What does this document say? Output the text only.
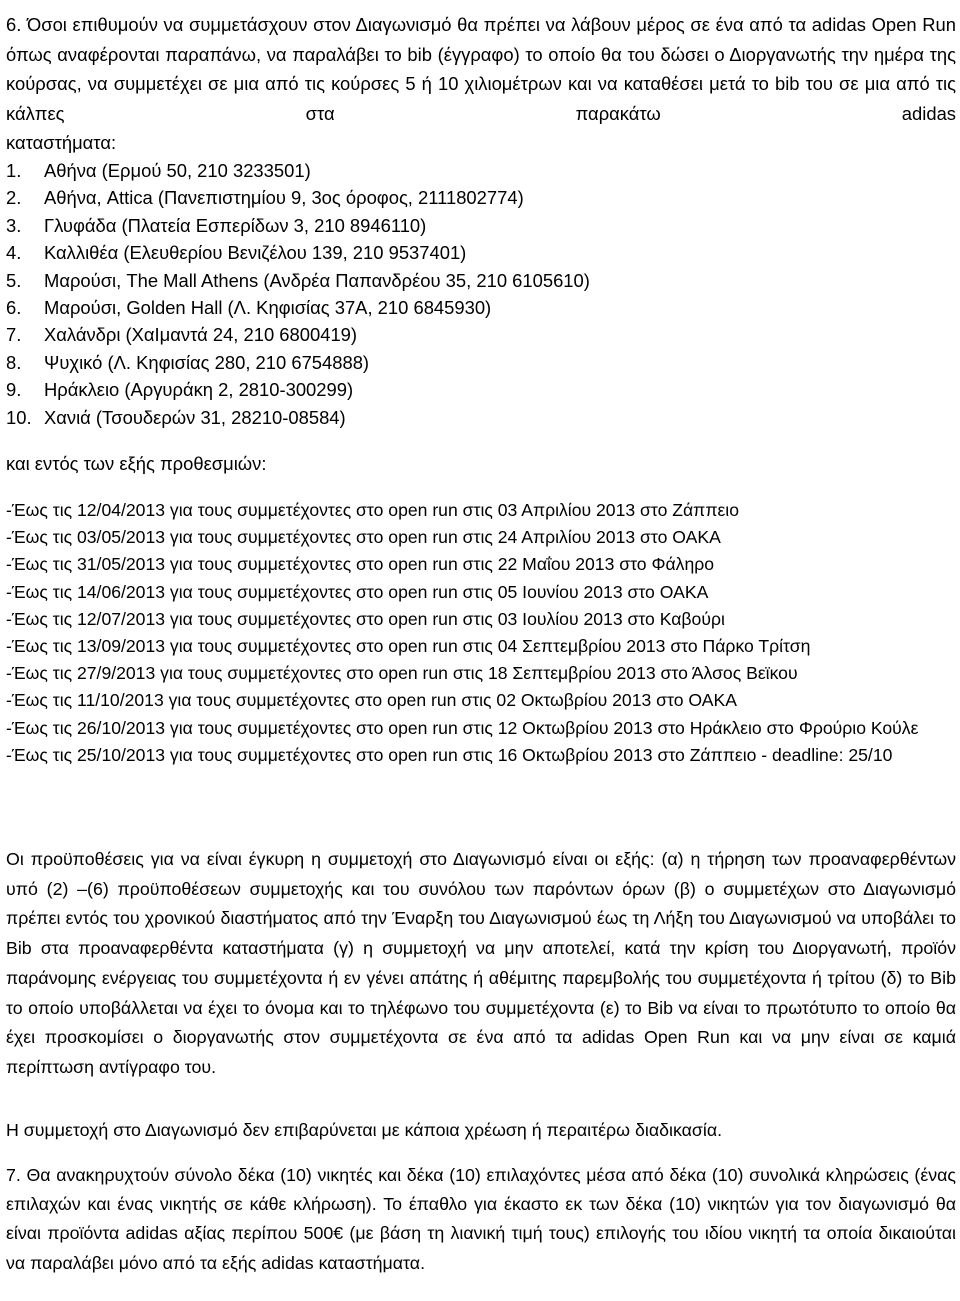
6. Όσοι επιθυμούν να συμμετάσχουν στον Διαγωνισμό θα πρέπει να λάβουν μέρος σε ένα από τα adidas Open Run όπως αναφέρονται παραπάνω, να παραλάβει το bib (έγγραφο) το οποίο θα του δώσει ο Διοργανωτής την ημέρα της κούρσας, να συμμετέχει σε μια από τις κούρσες 5 ή 10 χιλιομέτρων και να καταθέσει μετά το bib του σε μια από τις κάλπες στα παρακάτω adidas

καταστήματα:

1. Αθήνα (Ερμού 50, 210 3233501)
2. Αθήνα, Attica (Πανεπιστημίου 9, 3ος όροφος, 2111802774)
3. Γλυφάδα (Πλατεία Εσπερίδων 3, 210 8946110)
4. Καλλιθέα (Ελευθερίου Βενιζέλου 139, 210 9537401)
5. Μαρούσι, The Mall Athens (Ανδρέα Παπανδρέου 35, 210 6105610)
6. Μαρούσι, Golden Hall (Λ. Κηφισίας 37Α, 210 6845930)
7. Χαλάνδρι (ΧαΙμαντά 24, 210 6800419)
8. Ψυχικό (Λ. Κηφισίας 280, 210 6754888)
9. Ηράκλειο (Αργυράκη 2, 2810-300299)
10. Χανιά (Τσουδερών 31, 28210-08584)

και εντός των εξής προθεσμιών:

-Έως τις 12/04/2013 για τους συμμετέχοντες στο open run στις 03 Απριλίου 2013 στο Ζάππειο
-Έως τις 03/05/2013 για τους συμμετέχοντες στο open run στις 24 Απριλίου 2013 στο ΟΑΚΑ
-Έως τις 31/05/2013 για τους συμμετέχοντες στο open run στις 22 Μαΐου 2013 στο Φάληρο
-Έως τις 14/06/2013 για τους συμμετέχοντες στο open run στις 05 Ιουνίου 2013 στο ΟΑΚΑ
-Έως τις 12/07/2013 για τους συμμετέχοντες στο open run στις 03 Ιουλίου 2013 στο Καβούρι
-Έως τις 13/09/2013 για τους συμμετέχοντες στο open run στις 04 Σεπτεμβρίου 2013 στο Πάρκο Τρίτση
-Έως τις 27/9/2013 για τους συμμετέχοντες στο open run στις 18 Σεπτεμβρίου 2013 στο Άλσος Βεϊκου
-Έως τις 11/10/2013 για τους συμμετέχοντες στο open run στις 02 Οκτωβρίου 2013 στο ΟΑΚΑ
-Έως τις 26/10/2013 για τους συμμετέχοντες στο open run στις 12 Οκτωβρίου 2013 στο Ηράκλειο στο Φρούριο Κούλε
-Έως τις 25/10/2013 για τους συμμετέχοντες στο open run στις 16 Οκτωβρίου 2013 στο Ζάππειο - deadline: 25/10

Οι προϋποθέσεις για να είναι έγκυρη η συμμετοχή στο Διαγωνισμό είναι οι εξής: (α) η τήρηση των προαναφερθέντων υπό (2) –(6) προϋποθέσεων συμμετοχής και του συνόλου των παρόντων όρων (β) ο συμμετέχων στο Διαγωνισμό πρέπει εντός του χρονικού διαστήματος από την Έναρξη του Διαγωνισμού έως τη Λήξη του Διαγωνισμού να υποβάλει το Bib στα προαναφερθέντα καταστήματα (γ) η συμμετοχή να μην αποτελεί, κατά την κρίση του Διοργανωτή, προϊόν παράνομης ενέργειας του συμμετέχοντα ή εν γένει απάτης ή αθέμιτης παρεμβολής του συμμετέχοντα ή τρίτου (δ) το Bib το οποίο υποβάλλεται να έχει το όνομα και το τηλέφωνο του συμμετέχοντα (ε) το Bib να είναι το πρωτότυπο το οποίο θα έχει προσκομίσει ο διοργανωτής στον συμμετέχοντα σε ένα από τα adidas Open Run και να μην είναι σε καμιά περίπτωση αντίγραφο του.

Η συμμετοχή στο Διαγωνισμό δεν επιβαρύνεται με κάποια χρέωση ή περαιτέρω διαδικασία.

7. Θα ανακηρυχτούν σύνολο δέκα (10) νικητές και δέκα (10) επιλαχόντες μέσα από δέκα (10) συνολικά κληρώσεις (ένας επιλαχών και ένας νικητής σε κάθε κλήρωση). Το έπαθλο για έκαστο εκ των δέκα (10) νικητών για τον διαγωνισμό θα είναι προϊόντα adidas αξίας περίπου 500€ (με βάση τη λιανική τιμή τους) επιλογής του ιδίου νικητή τα οποία δικαιούται να παραλάβει μόνο από τα εξής adidas καταστήματα.
